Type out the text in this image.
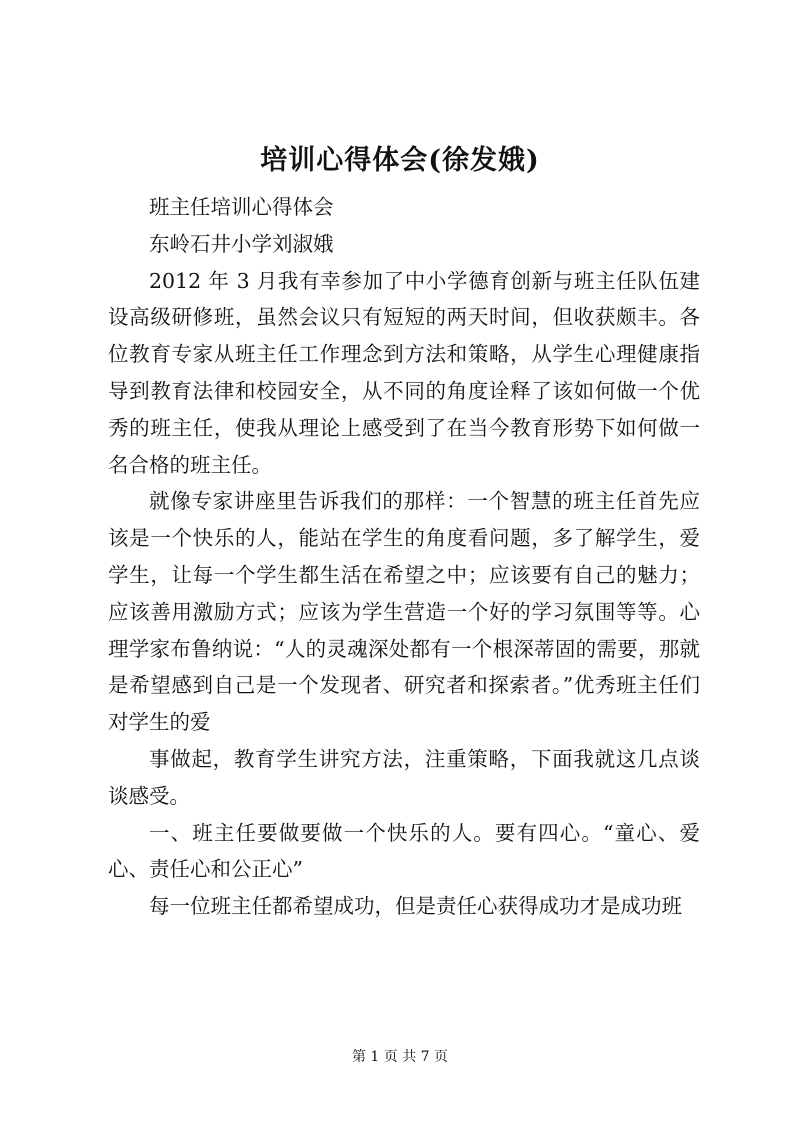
培训心得体会(徐发娥)

班主任培训心得体会

东岭石井小学刘淑娥

2012 年 3 月我有幸参加了中小学德育创新与班主任队伍建设高级研修班，虽然会议只有短短的两天时间，但收获颇丰。各位教育专家从班主任工作理念到方法和策略，从学生心理健康指导到教育法律和校园安全，从不同的角度诠释了该如何做一个优秀的班主任，使我从理论上感受到了在当今教育形势下如何做一名合格的班主任。

就像专家讲座里告诉我们的那样：一个智慧的班主任首先应该是一个快乐的人，能站在学生的角度看问题，多了解学生，爱学生，让每一个学生都生活在希望之中；应该要有自己的魅力；应该善用激励方式；应该为学生营造一个好的学习氛围等等。心理学家布鲁纳说：“人的灵魂深处都有一个根深蒂固的需要，那就是希望感到自己是一个发现者、研究者和探索者。”优秀班主任们对学生的爱

事做起，教育学生讲究方法，注重策略，下面我就这几点谈谈感受。

一、班主任要做要做一个快乐的人。要有四心。“童心、爱心、责任心和公正心”

每一位班主任都希望成功，但是责任心获得成功才是成功班

第 1 页 共 7 页
